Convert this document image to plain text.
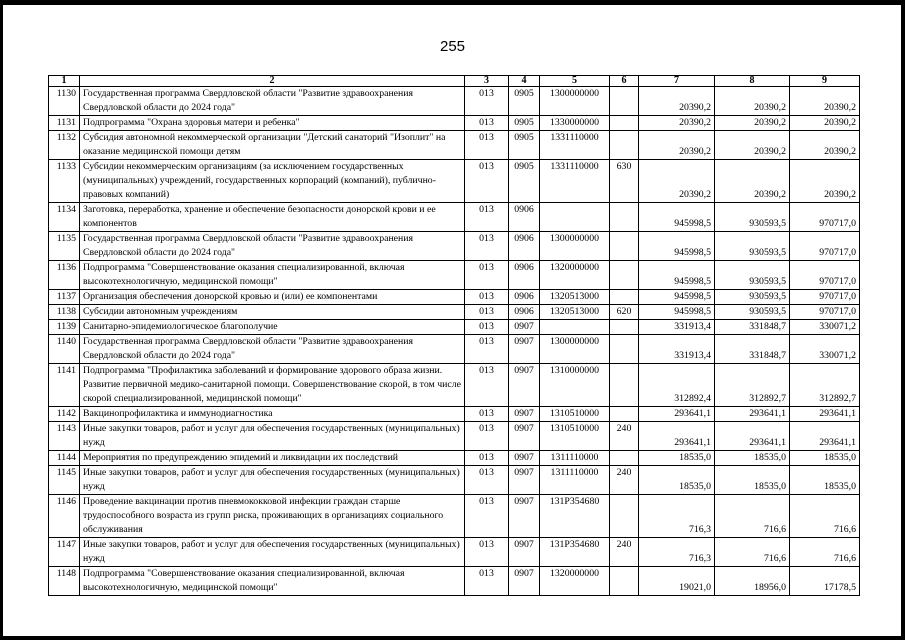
255
1	2	3	4	5	6	7	8	9
1130	Государственная программа Свердловской области "Развитие здравоохранения Свердловской области до 2024 года"	013	0905	1300000000		20390,2	20390,2	20390,2
1131	Подпрограмма "Охрана здоровья матери и ребенка"	013	0905	1330000000		20390,2	20390,2	20390,2
1132	Субсидия автономной некоммерческой организации "Детский санаторий "Изоплит" на оказание медицинской помощи детям	013	0905	1331110000		20390,2	20390,2	20390,2
1133	Субсидии некоммерческим организациям (за исключением государственных (муниципальных) учреждений, государственных корпораций (компаний), публично-правовых компаний)	013	0905	1331110000	630	20390,2	20390,2	20390,2
1134	Заготовка, переработка, хранение и обеспечение безопасности донорской крови и ее компонентов	013	0906			945998,5	930593,5	970717,0
1135	Государственная программа Свердловской области "Развитие здравоохранения Свердловской области до 2024 года"	013	0906	1300000000		945998,5	930593,5	970717,0
1136	Подпрограмма "Совершенствование оказания специализированной, включая высокотехнологичную, медицинской помощи"	013	0906	1320000000		945998,5	930593,5	970717,0
1137	Организация обеспечения донорской кровью и (или) ее компонентами	013	0906	1320513000		945998,5	930593,5	970717,0
1138	Субсидии автономным учреждениям	013	0906	1320513000	620	945998,5	930593,5	970717,0
1139	Санитарно-эпидемиологическое благополучие	013	0907			331913,4	331848,7	330071,2
1140	Государственная программа Свердловской области "Развитие здравоохранения Свердловской области до 2024 года"	013	0907	1300000000		331913,4	331848,7	330071,2
1141	Подпрограмма "Профилактика заболеваний и формирование здорового образа жизни. Развитие первичной медико-санитарной помощи. Совершенствование скорой, в том числе скорой специализированной, медицинской помощи"	013	0907	1310000000		312892,4	312892,7	312892,7
1142	Вакцинопрофилактика и иммунодиагностика	013	0907	1310510000		293641,1	293641,1	293641,1
1143	Иные закупки товаров, работ и услуг для обеспечения государственных (муниципальных) нужд	013	0907	1310510000	240	293641,1	293641,1	293641,1
1144	Мероприятия по предупреждению эпидемий и ликвидации их последствий	013	0907	1311110000		18535,0	18535,0	18535,0
1145	Иные закупки товаров, работ и услуг для обеспечения государственных (муниципальных) нужд	013	0907	1311110000	240	18535,0	18535,0	18535,0
1146	Проведение вакцинации против пневмококковой инфекции граждан старше трудоспособного возраста из групп риска, проживающих в организациях социального обслуживания	013	0907	131P354680		716,3	716,6	716,6
1147	Иные закупки товаров, работ и услуг для обеспечения государственных (муниципальных) нужд	013	0907	131P354680	240	716,3	716,6	716,6
1148	Подпрограмма "Совершенствование оказания специализированной, включая высокотехнологичную, медицинской помощи"	013	0907	1320000000		19021,0	18956,0	17178,5
